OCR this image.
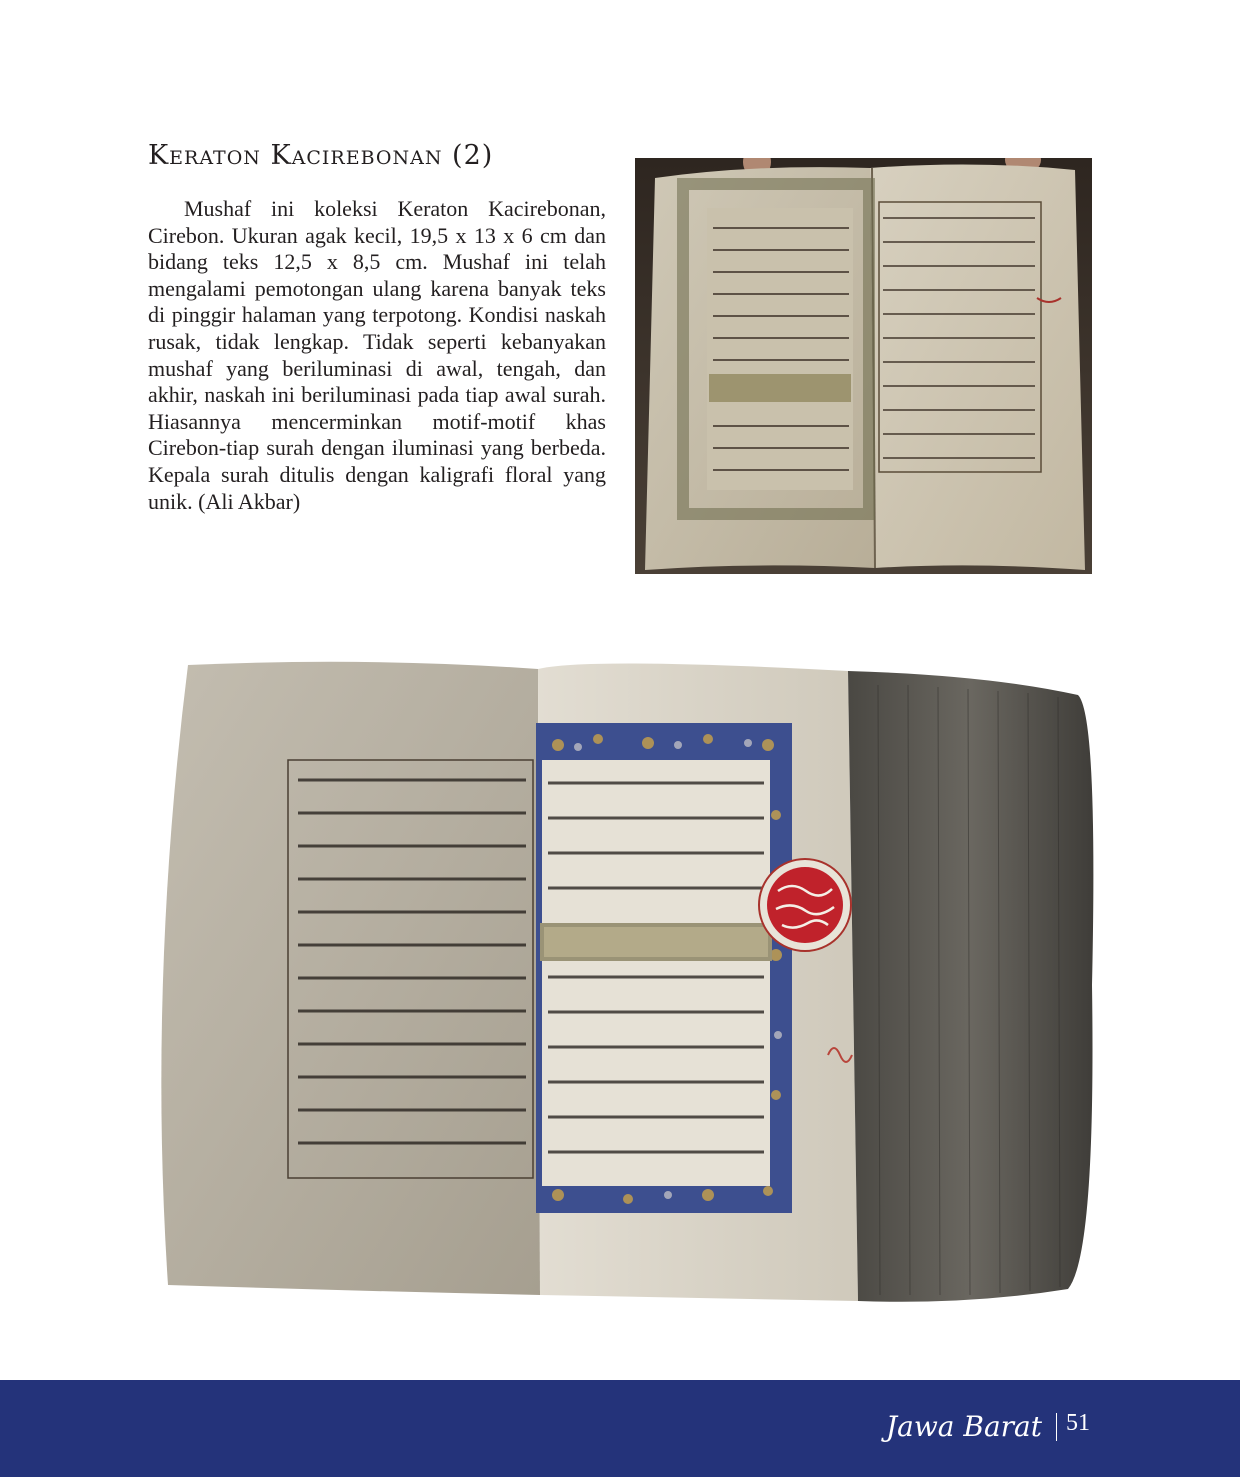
Keraton Kacirebonan (2)

Mushaf ini koleksi Keraton Kacirebonan, Cirebon. Ukuran agak kecil, 19,5 x 13 x 6 cm dan bidang teks 12,5 x 8,5 cm. Mushaf ini telah mengalami pemotongan ulang karena banyak teks di pinggir halaman yang terpotong. Kondisi naskah rusak, tidak lengkap. Tidak seperti kebanyakan mushaf yang beriluminasi di awal, tengah, dan akhir, naskah ini beriluminasi pada tiap awal surah. Hiasannya mencerminkan motif-motif khas Cirebon-tiap surah dengan iluminasi yang berbeda. Kepala surah ditulis dengan kaligrafi floral yang unik. (Ali Akbar)

Jawa Barat 51
